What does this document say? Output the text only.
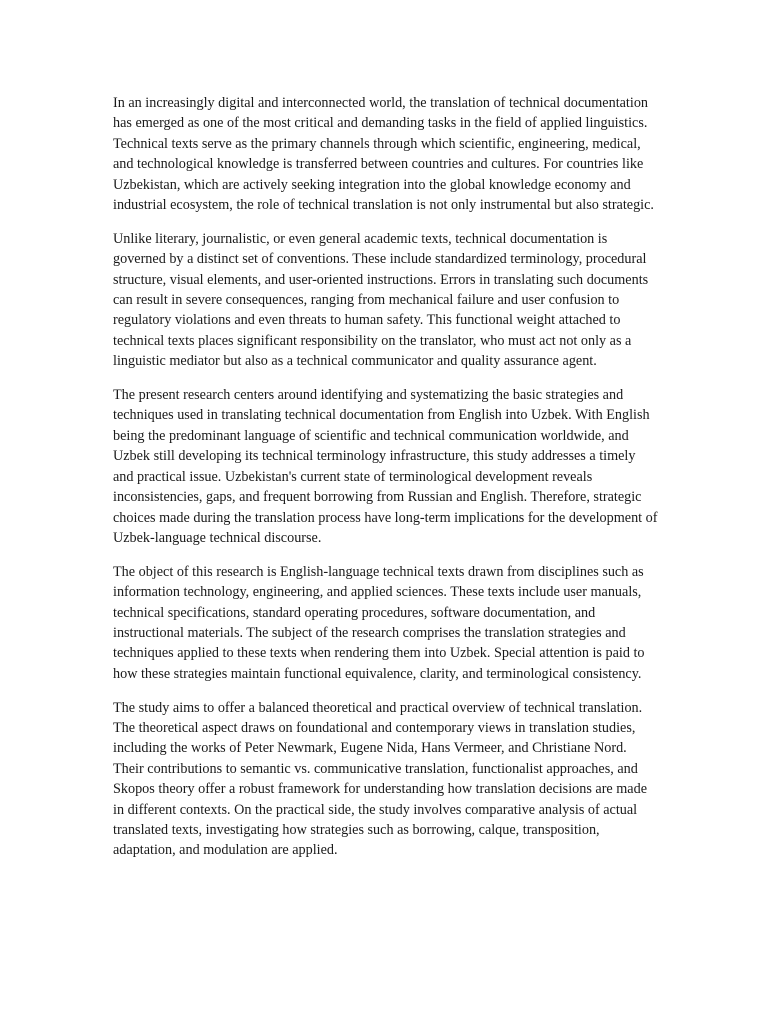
In an increasingly digital and interconnected world, the translation of technical documentation has emerged as one of the most critical and demanding tasks in the field of applied linguistics. Technical texts serve as the primary channels through which scientific, engineering, medical, and technological knowledge is transferred between countries and cultures. For countries like Uzbekistan, which are actively seeking integration into the global knowledge economy and industrial ecosystem, the role of technical translation is not only instrumental but also strategic.

Unlike literary, journalistic, or even general academic texts, technical documentation is governed by a distinct set of conventions. These include standardized terminology, procedural structure, visual elements, and user-oriented instructions. Errors in translating such documents can result in severe consequences, ranging from mechanical failure and user confusion to regulatory violations and even threats to human safety. This functional weight attached to technical texts places significant responsibility on the translator, who must act not only as a linguistic mediator but also as a technical communicator and quality assurance agent.

The present research centers around identifying and systematizing the basic strategies and techniques used in translating technical documentation from English into Uzbek. With English being the predominant language of scientific and technical communication worldwide, and Uzbek still developing its technical terminology infrastructure, this study addresses a timely and practical issue. Uzbekistan's current state of terminological development reveals inconsistencies, gaps, and frequent borrowing from Russian and English. Therefore, strategic choices made during the translation process have long-term implications for the development of Uzbek-language technical discourse.

The object of this research is English-language technical texts drawn from disciplines such as information technology, engineering, and applied sciences. These texts include user manuals, technical specifications, standard operating procedures, software documentation, and instructional materials. The subject of the research comprises the translation strategies and techniques applied to these texts when rendering them into Uzbek. Special attention is paid to how these strategies maintain functional equivalence, clarity, and terminological consistency.

The study aims to offer a balanced theoretical and practical overview of technical translation. The theoretical aspect draws on foundational and contemporary views in translation studies, including the works of Peter Newmark, Eugene Nida, Hans Vermeer, and Christiane Nord. Their contributions to semantic vs. communicative translation, functionalist approaches, and Skopos theory offer a robust framework for understanding how translation decisions are made in different contexts. On the practical side, the study involves comparative analysis of actual translated texts, investigating how strategies such as borrowing, calque, transposition, adaptation, and modulation are applied.
